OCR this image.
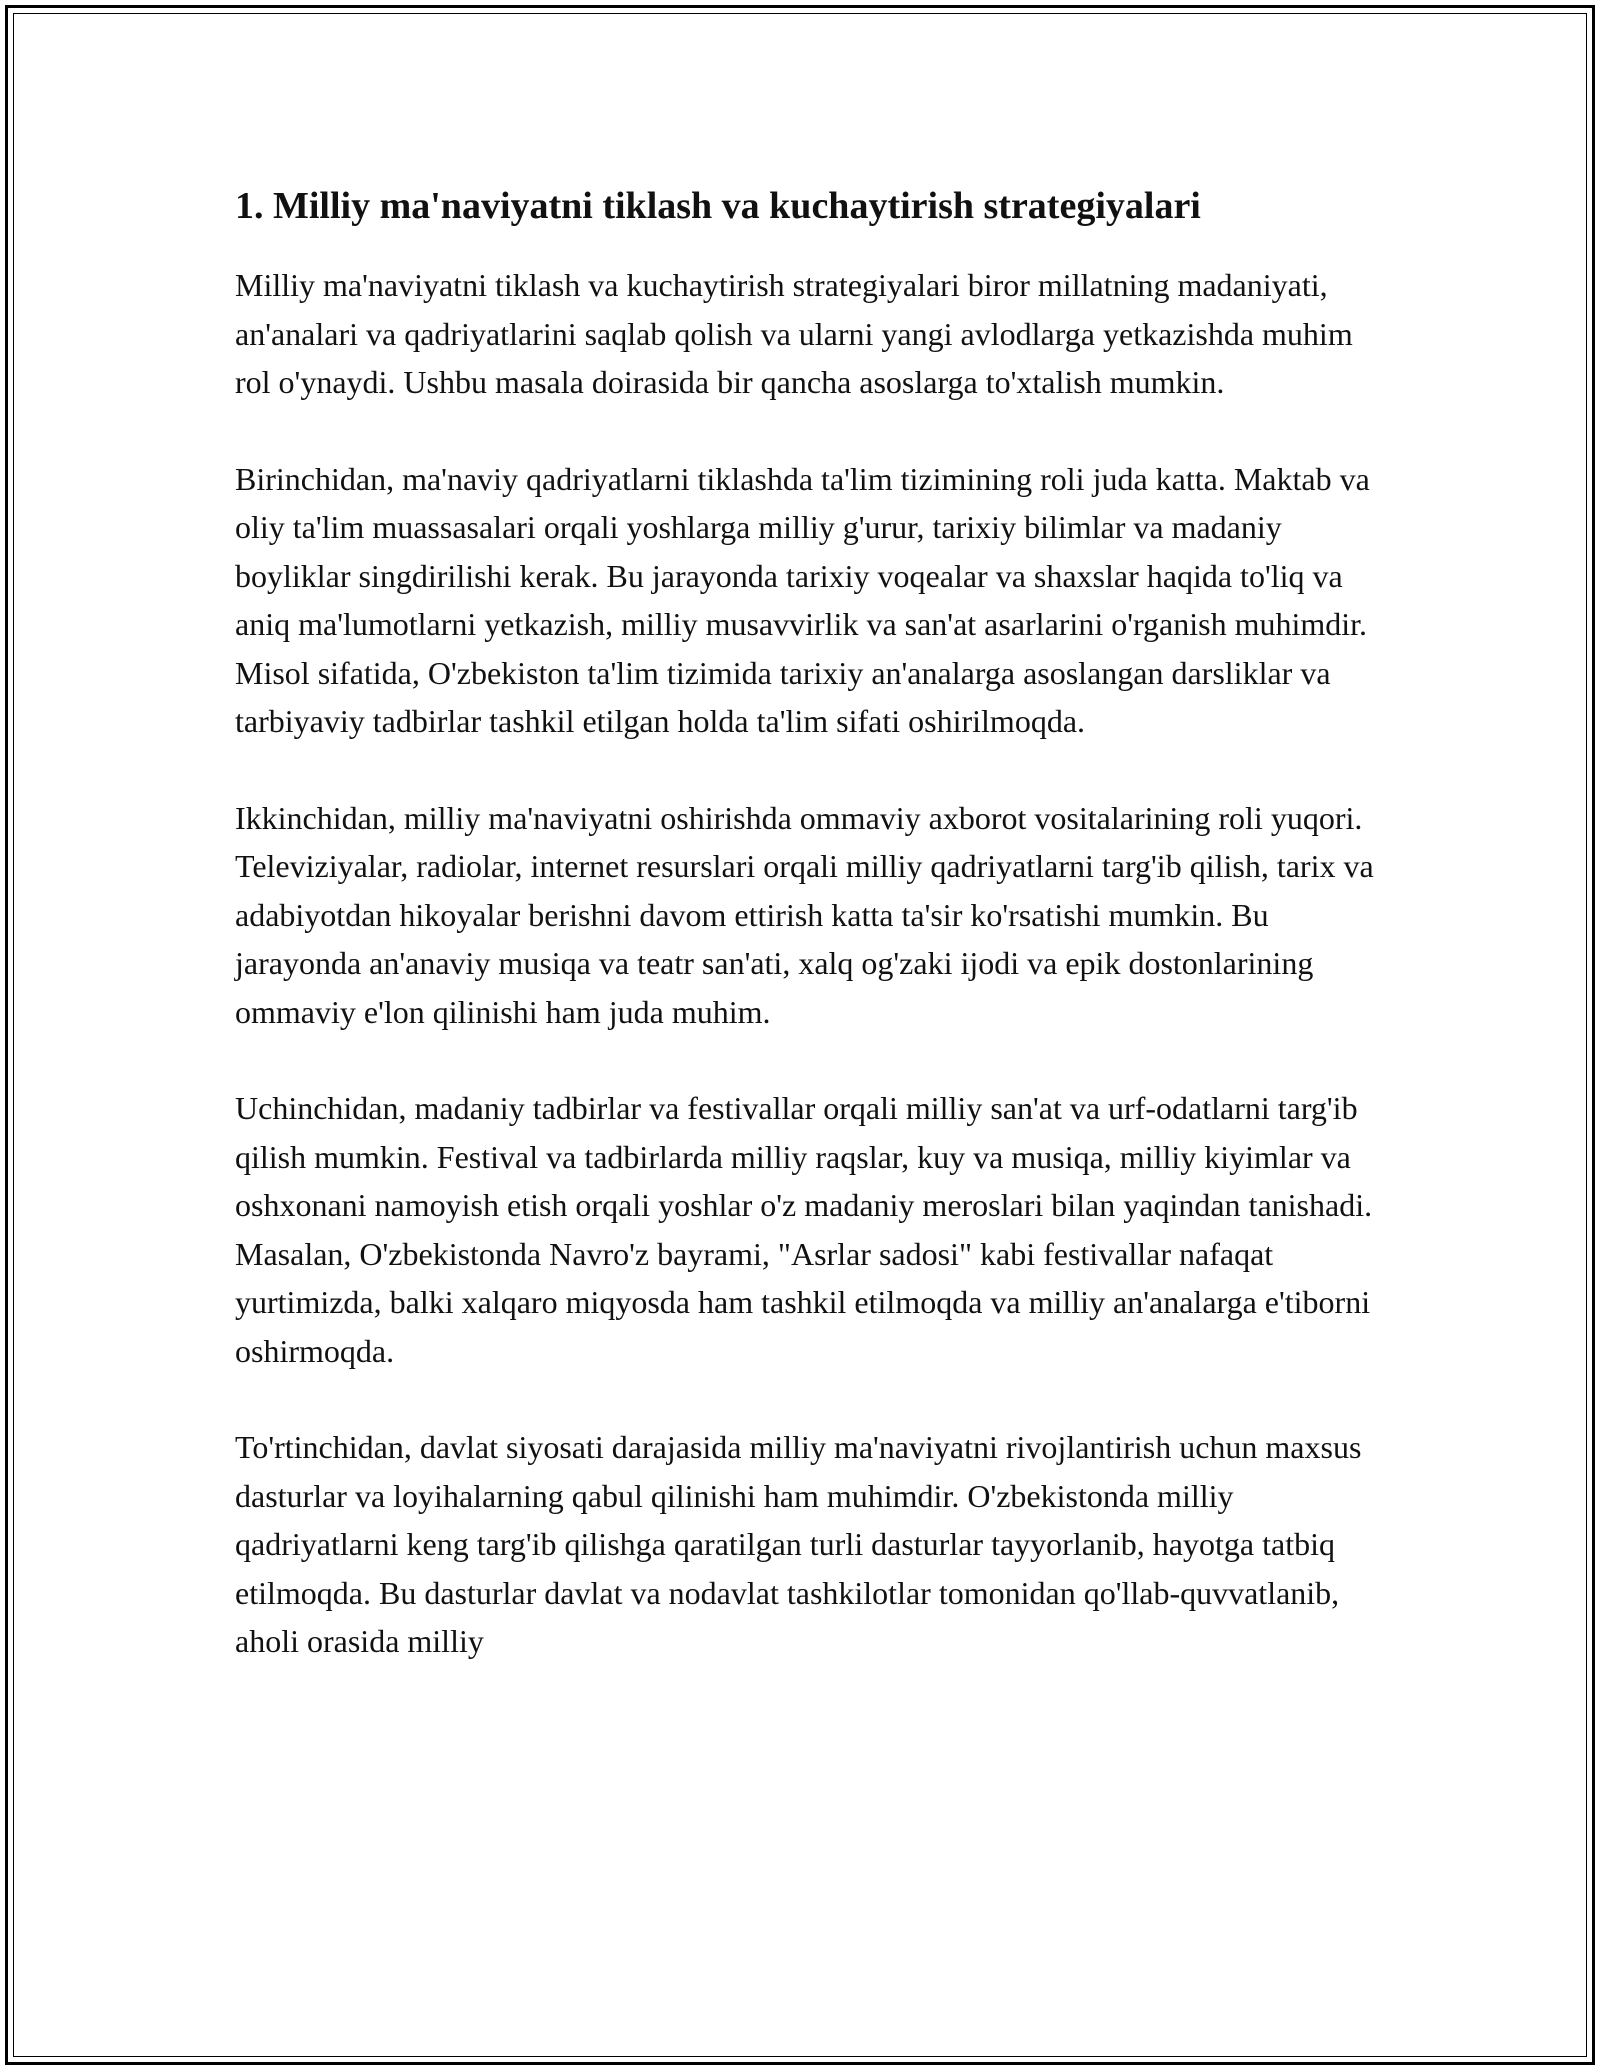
1. Milliy ma'naviyatni tiklash va kuchaytirish strategiyalari

Milliy ma'naviyatni tiklash va kuchaytirish strategiyalari biror millatning madaniyati, an'analari va qadriyatlarini saqlab qolish va ularni yangi avlodlarga yetkazishda muhim rol o'ynaydi. Ushbu masala doirasida bir qancha asoslarga to'xtalish mumkin.

Birinchidan, ma'naviy qadriyatlarni tiklashda ta'lim tizimining roli juda katta. Maktab va oliy ta'lim muassasalari orqali yoshlarga milliy g'urur, tarixiy bilimlar va madaniy boyliklar singdirilishi kerak. Bu jarayonda tarixiy voqealar va shaxslar haqida to'liq va aniq ma'lumotlarni yetkazish, milliy musavvirlik va san'at asarlarini o'rganish muhimdir. Misol sifatida, O'zbekiston ta'lim tizimida tarixiy an'analarga asoslangan darsliklar va tarbiyaviy tadbirlar tashkil etilgan holda ta'lim sifati oshirilmoqda.

Ikkinchidan, milliy ma'naviyatni oshirishda ommaviy axborot vositalarining roli yuqori. Televiziyalar, radiolar, internet resurslari orqali milliy qadriyatlarni targ'ib qilish, tarix va adabiyotdan hikoyalar berishni davom ettirish katta ta'sir ko'rsatishi mumkin. Bu jarayonda an'anaviy musiqa va teatr san'ati, xalq og'zaki ijodi va epik dostonlarining ommaviy e'lon qilinishi ham juda muhim.

Uchinchidan, madaniy tadbirlar va festivallar orqali milliy san'at va urf-odatlarni targ'ib qilish mumkin. Festival va tadbirlarda milliy raqslar, kuy va musiqa, milliy kiyimlar va oshxonani namoyish etish orqali yoshlar o'z madaniy meroslari bilan yaqindan tanishadi. Masalan, O'zbekistonda Navro'z bayrami, "Asrlar sadosi" kabi festivallar nafaqat yurtimizda, balki xalqaro miqyosda ham tashkil etilmoqda va milliy an'analarga e'tiborni oshirmoqda.

To'rtinchidan, davlat siyosati darajasida milliy ma'naviyatni rivojlantirish uchun maxsus dasturlar va loyihalarning qabul qilinishi ham muhimdir. O'zbekistonda milliy qadriyatlarni keng targ'ib qilishga qaratilgan turli dasturlar tayyorlanib, hayotga tatbiq etilmoqda. Bu dasturlar davlat va nodavlat tashkilotlar tomonidan qo'llab-quvvatlanib, aholi orasida milliy
